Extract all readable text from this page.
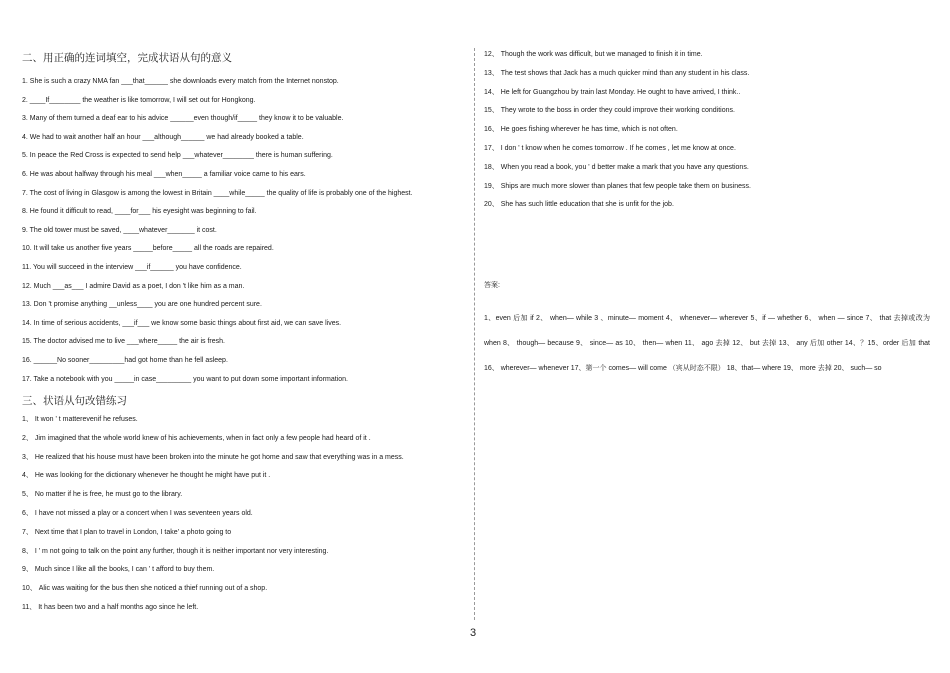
二、用正确的连词填空，完成状语从句的意义
1. She is such a crazy NMA fan ___that______ she downloads every match from the Internet nonstop.
2. ____If________ the weather is like tomorrow, I will set out for Hongkong.
3. Many of them turned a deaf ear to his advice ______even though/if_____ they know it to be valuable.
4. We had to wait another half an hour ___although______ we had already booked a table.
5. In peace the Red Cross is expected to send help ___whatever________ there is human suffering.
6. He was about halfway through his meal ___when_____ a familiar voice came to his ears.
7. The cost of living in Glasgow is among the lowest in Britain ____while_____ the quality of life is probably one of the highest.
8. He found it difficult to read, ____for___ his eyesight was beginning to fail.
9. The old tower must be saved, ____whatever_______ it cost.
10. It will take us another five years _____before_____ all the roads are repaired.
11. You will succeed in the interview ___if______ you have confidence.
12. Much ___as___ I admire David as a poet, I don 't like him as a man.
13. Don 't promise anything __unless____ you are one hundred percent sure.
14. In time of serious accidents, ___if___ we know some basic things about first aid, we can save lives.
15. The doctor advised me to live ___where_____ the air is fresh.
16. ______No sooner_________had got home than he fell asleep.
17. Take a notebook with you _____in case_________ you want to put down some important information.
三、状语从句改错练习
1、 It won ' t matterevenif he refuses.
2、 Jim imagined that the whole world knew of his achievements, when in fact only a few people had heard of it .
3、 He realized that his house must have been broken into the minute he got home and saw that everything was in a mess.
4、 He was looking for the dictionary whenever he thought he might have put it .
5、 No matter if he is free, he must go to the library.
6、 I have not missed a play or a concert when I was seventeen years old.
7、 Next time that I plan to travel in London, I take' a photo going to
8、 I ' m not going to talk on the point any further, though it is neither important nor very interesting.
9、 Much since I like all the books, I can ' t afford to buy them.
10、 Alic was waiting for the bus then she noticed a thief running out of a shop.
11、 It has been two and a half months ago since he left.
12、 Though the work was difficult, but we managed to finish it in time.
13、 The test shows that Jack has a much quicker mind than any student in his class.
14、 He left for Guangzhou by train last Monday. He ought to have arrived, I think..
15、 They wrote to the boss in order they could improve their working conditions.
16、 He goes fishing wherever he has time, which is not often.
17、 I don ' t know when he comes tomorrow . If he comes , let me know at once.
18、 When you read a book, you ' d better make a mark that you have any questions.
19、 Ships are much more slower than planes that few people take them on business.
20、 She has such little education that she is unfit for the job.
答案:
1、even 后加 if 2、 when— while 3 、minute— moment 4、 whenever— wherever 5、if — whether 6、 when — since 7、 that 去掉或改为 when 8、 though— because 9、 since— as 10、 then— when 11、 ago 去掉 12、 but 去掉 13、 any 后加 other 14、？15、order 后加 that 16、 wherever— whenever 17、第一个 comes— will come （宾从时态不限） 18、that— where 19、 more 去掉 20、 such— so
3
